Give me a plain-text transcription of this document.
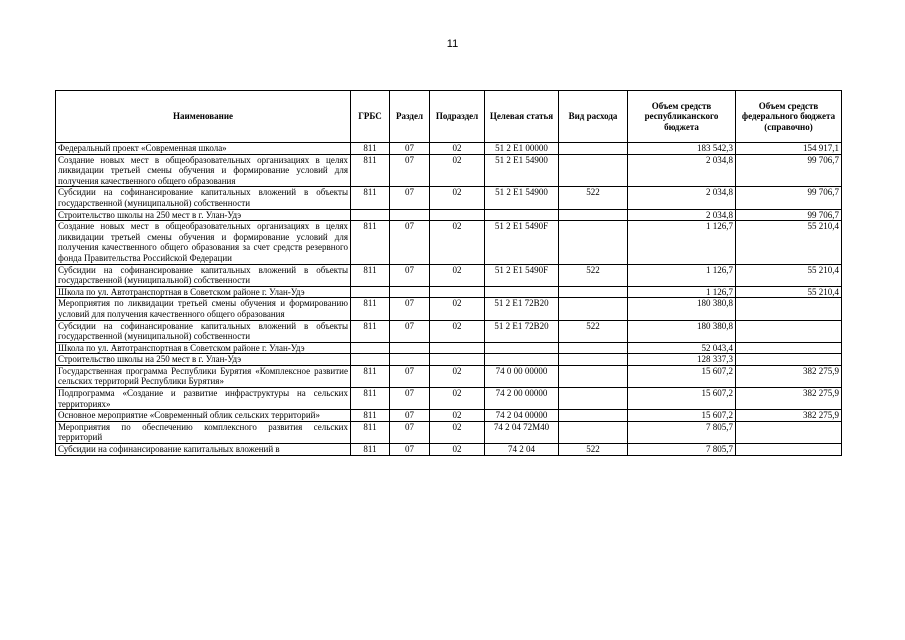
11
Наименование	ГРБС	Раздел	Подраздел	Целевая статья	Вид расхода	Объем средств республиканского бюджета	Объем средств федерального бюджета (справочно)
Федеральный проект «Современная школа»	811	07	02	51 2 E1 00000		183 542,3	154 917,1
Создание новых мест в общеобразовательных организациях в целях ликвидации третьей смены обучения и формирование условий для получения качественного общего образования	811	07	02	51 2 E1 54900		2 034,8	99 706,7
Субсидии на софинансирование капитальных вложений в объекты государственной (муниципальной) собственности	811	07	02	51 2 E1 54900	522	2 034,8	99 706,7
Строительство школы на 250 мест в г. Улан-Удэ						2 034,8	99 706,7
Создание новых мест в общеобразовательных организациях в целях ликвидации третьей смены обучения и формирование условий для получения качественного общего образования за счет средств резервного фонда Правительства Российской Федерации	811	07	02	51 2 E1 5490F		1 126,7	55 210,4
Субсидии на софинансирование капитальных вложений в объекты государственной (муниципальной) собственности	811	07	02	51 2 E1 5490F	522	1 126,7	55 210,4
Школа по ул. Автотранспортная в Советском районе г. Улан-Удэ						1 126,7	55 210,4
Мероприятия по ликвидации третьей смены обучения и формированию условий для получения качественного общего образования	811	07	02	51 2 E1 72B20		180 380,8	
Субсидии на софинансирование капитальных вложений в объекты государственной (муниципальной) собственности	811	07	02	51 2 E1 72B20	522	180 380,8	
Школа по ул. Автотранспортная в Советском районе г. Улан-Удэ						52 043,4	
Строительство школы на 250 мест в г. Улан-Удэ						128 337,3	
Государственная программа Республики Бурятия «Комплексное развитие сельских территорий Республики Бурятия»	811	07	02	74 0 00 00000		15 607,2	382 275,9
Подпрограмма «Создание и развитие инфраструктуры на сельских территориях»	811	07	02	74 2 00 00000		15 607,2	382 275,9
Основное мероприятие «Современный облик сельских территорий»	811	07	02	74 2 04 00000		15 607,2	382 275,9
Мероприятия по обеспечению комплексного развития сельских территорий	811	07	02	74 2 04 72M40		7 805,7	
Субсидии на софинансирование капитальных вложений в	811	07	02	74 2 04	522	7 805,7	
